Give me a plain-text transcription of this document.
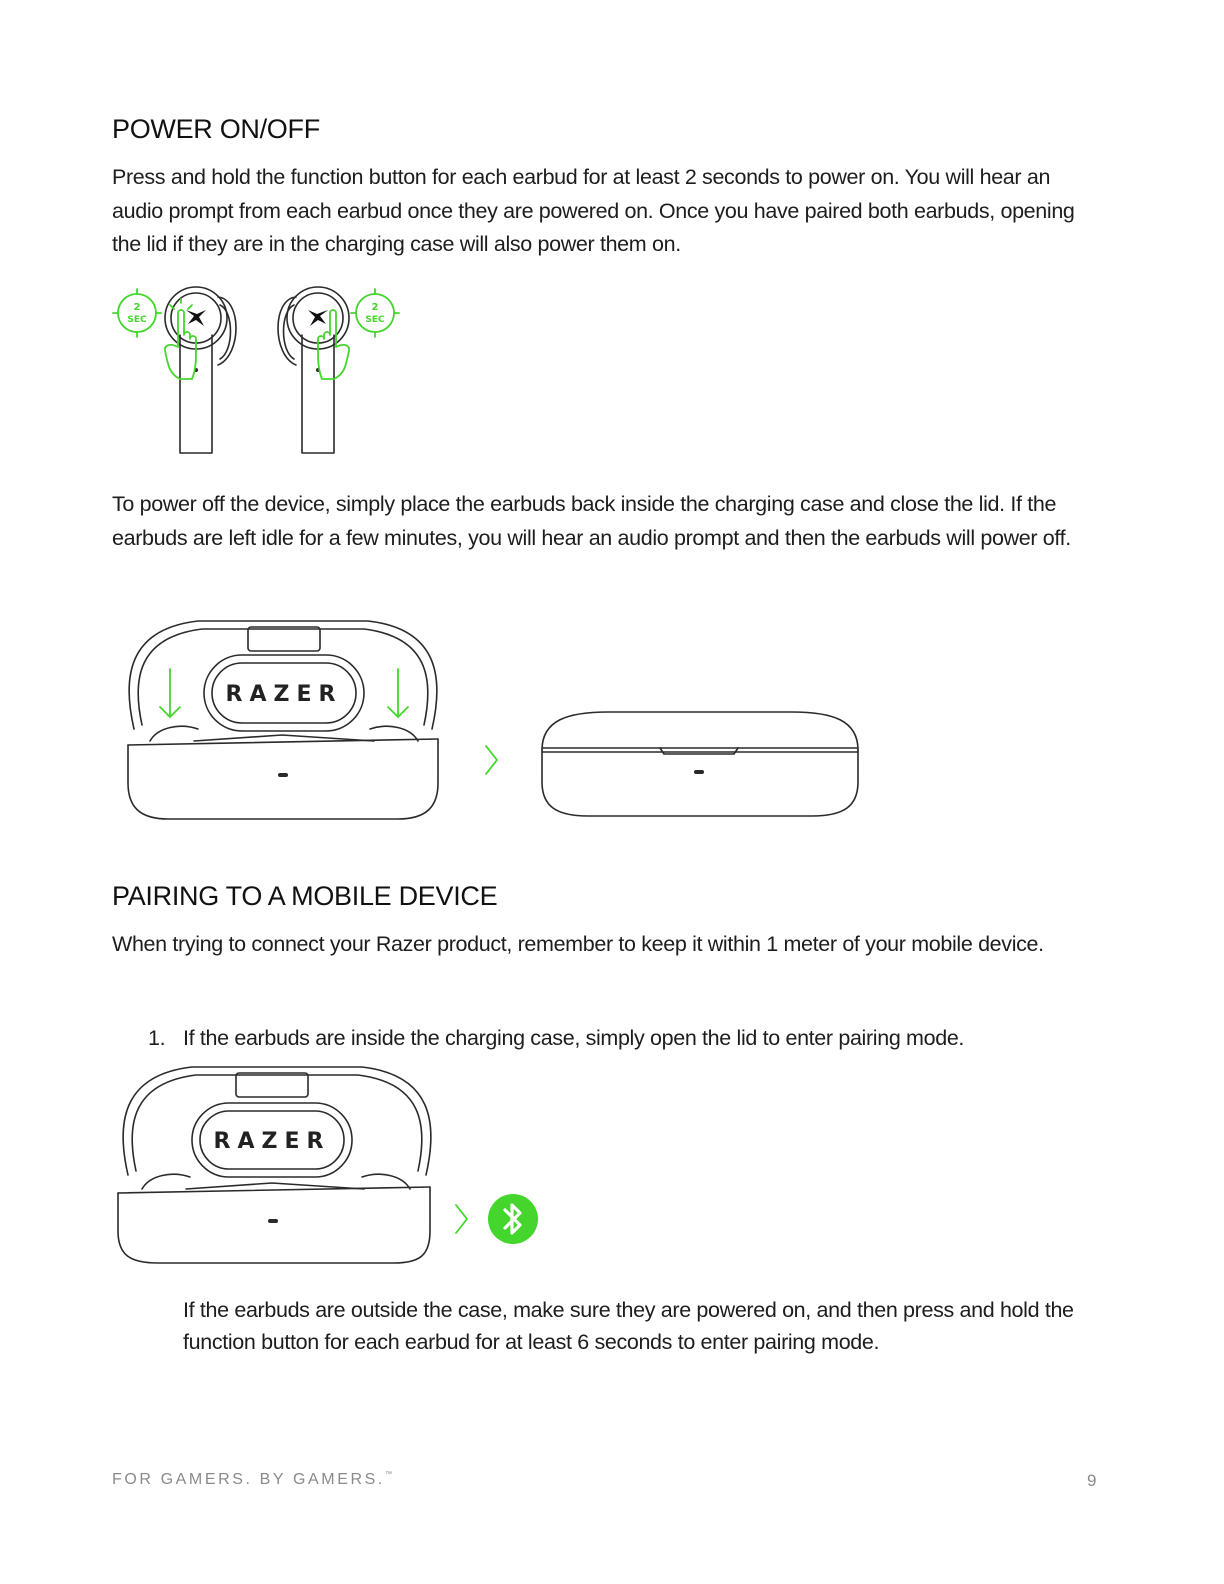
POWER ON/OFF

Press and hold the function button for each earbud for at least 2 seconds to power on. You will hear an audio prompt from each earbud once they are powered on. Once you have paired both earbuds, opening the lid if they are in the charging case will also power them on.

2
SEC
2
SEC

To power off the device, simply place the earbuds back inside the charging case and close the lid. If the earbuds are left idle for a few minutes, you will hear an audio prompt and then the earbuds will power off.

RAZER
PAIRING TO A MOBILE DEVICE

When trying to connect your Razer product, remember to keep it within 1 meter of your mobile device.

1. If the earbuds are inside the charging case, simply open the lid to enter pairing mode.
RAZER

If the earbuds are outside the case, make sure they are powered on, and then press and hold the function button for each earbud for at least 6 seconds to enter pairing mode.

FOR GAMERS. BY GAMERS.™	9
